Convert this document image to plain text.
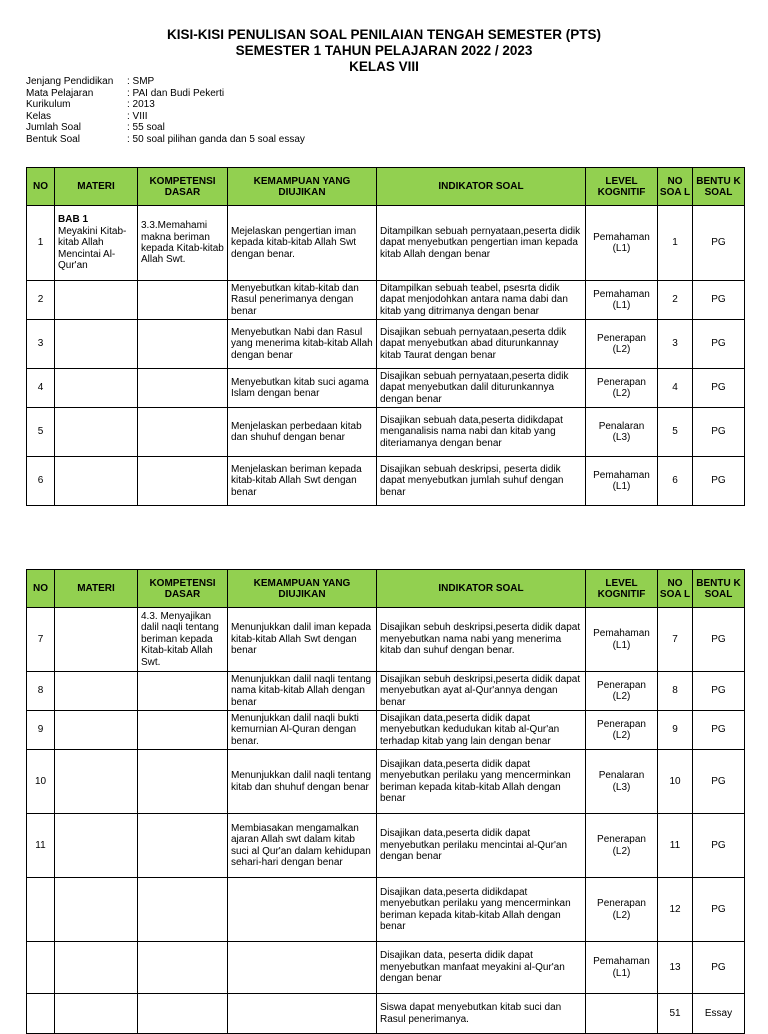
KISI-KISI PENULISAN SOAL PENILAIAN TENGAH SEMESTER (PTS)
SEMESTER 1 TAHUN PELAJARAN 2022 / 2023
KELAS VIII
Jenjang Pendidikan	: SMP
Mata Pelajaran	: PAI dan Budi Pekerti
Kurikulum	: 2013
Kelas	: VIII
Jumlah Soal	: 55 soal
Bentuk Soal	: 50 soal pilihan ganda dan 5 soal essay
NO	MATERI	KOMPETENSI DASAR	KEMAMPUAN YANG DIUJIKAN	INDIKATOR SOAL	LEVEL KOGNITIF	NO SOA L	BENTU K SOAL
1	BAB 1
Meyakini Kitab-kitab Allah Mencintai Al-Qur'an	3.3.Memahami makna beriman kepada Kitab-kitab Allah Swt.	Mejelaskan pengertian iman kepada kitab-kitab Allah Swt dengan benar.	Ditampilkan sebuah pernyataan,peserta didik dapat menyebutkan pengertian iman kepada kitab Allah dengan benar	Pemahaman (L1)	1	PG
2			Menyebutkan kitab-kitab dan Rasul penerimanya dengan benar	Ditampilkan sebuah teabel, psesrta didik dapat menjodohkan antara nama dabi dan kitab yang ditrimanya dengan benar	Pemahaman (L1)	2	PG
3			Menyebutkan Nabi dan Rasul yang menerima kitab-kitab Allah dengan benar	Disajikan sebuah pernyataan,peserta ddik dapat menyebutkan abad diturunkannay kitab Taurat dengan benar	Penerapan (L2)	3	PG
4			Menyebutkan kitab suci agama Islam dengan benar	Disajikan sebuah pernyataan,peserta didik dapat menyebutkan dalil diturunkannya dengan benar	Penerapan (L2)	4	PG
5			Menjelaskan perbedaan kitab dan shuhuf dengan benar	Disajikan sebuah data,peserta didikdapat menganalisis nama nabi dan kitab yang diteriamanya dengan benar	Penalaran (L3)	5	PG
6			Menjelaskan beriman kepada kitab-kitab Allah Swt dengan benar	Disajikan sebuah deskripsi, peserta didik dapat menyebutkan jumlah suhuf dengan benar	Pemahaman (L1)	6	PG
NO	MATERI	KOMPETENSI DASAR	KEMAMPUAN YANG DIUJIKAN	INDIKATOR SOAL	LEVEL KOGNITIF	NO SOA L	BENTU K SOAL
7		4.3. Menyajikan dalil naqli tentang beriman kepada Kitab-kitab Allah Swt.	Menunjukkan dalil iman kepada kitab-kitab Allah Swt dengan benar	Disajikan sebuh deskripsi,peserta didik dapat menyebutkan nama nabi yang menerima kitab dan suhuf dengan benar.	Pemahaman (L1)	7	PG
8			Menunjukkan dalil naqli tentang nama kitab-kitab Allah dengan benar	Disajikan sebuh deskripsi,peserta didik dapat menyebutkan ayat al-Qur'annya dengan benar	Penerapan (L2)	8	PG
9			Menunjukkan dalil naqli bukti kemurnian Al-Quran dengan benar.	Disajikan data,peserta didik dapat menyebutkan kedudukan kitab al-Qur'an terhadap kitab yang lain dengan benar	Penerapan (L2)	9	PG
10			Menunjukkan dalil naqli tentang kitab dan shuhuf dengan benar	Disajikan data,peserta didik dapat menyebutkan perilaku yang mencerminkan beriman kepada kitab-kitab Allah dengan benar	Penalaran (L3)	10	PG
11			Membiasakan mengamalkan ajaran Allah swt dalam kitab suci al Qur'an dalam kehidupan sehari-hari dengan benar	Disajikan data,peserta didik dapat menyebutkan perilaku mencintai al-Qur'an dengan benar	Penerapan (L2)	11	PG
				Disajikan data,peserta didikdapat menyebutkan perilaku yang mencerminkan beriman kepada kitab-kitab Allah dengan benar	Penerapan (L2)	12	PG
				Disajikan data, peserta didik dapat menyebutkan manfaat meyakini al-Qur'an dengan benar	Pemahaman (L1)	13	PG
				Siswa dapat menyebutkan kitab suci dan Rasul penerimanya.		51	Essay
